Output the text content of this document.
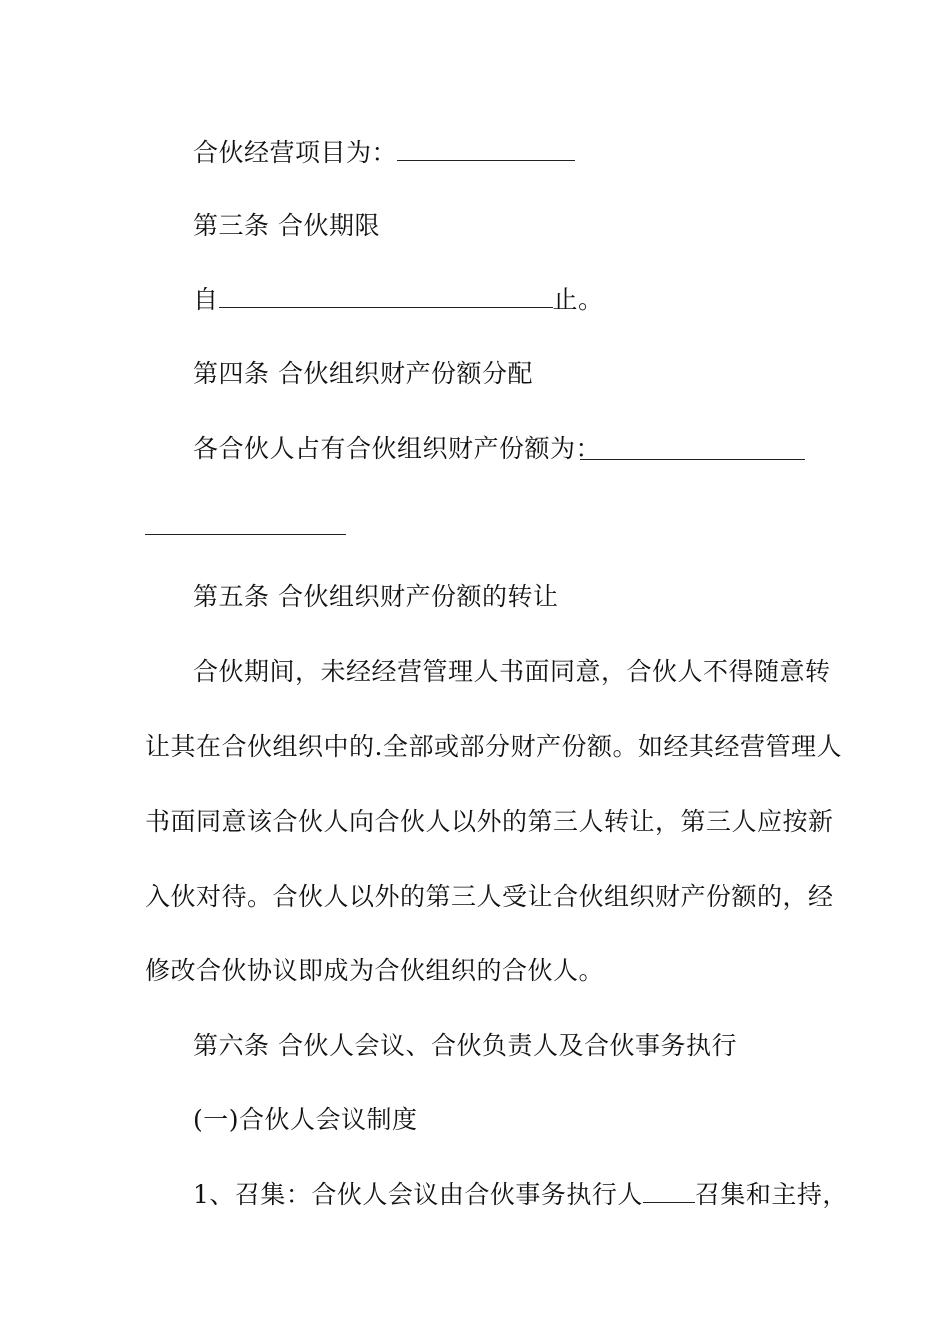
合伙经营项目为：
第三条 合伙期限
自	止。
第四条 合伙组织财产份额分配
各合伙人占有合伙组织财产份额为：
第五条 合伙组织财产份额的转让
合伙期间，未经经营管理人书面同意，合伙人不得随意转
让其在合伙组织中的.全部或部分财产份额。如经其经营管理人
书面同意该合伙人向合伙人以外的第三人转让，第三人应按新
入伙对待。合伙人以外的第三人受让合伙组织财产份额的，经
修改合伙协议即成为合伙组织的合伙人。
第六条 合伙人会议、合伙负责人及合伙事务执行
(一)合伙人会议制度
1、召集：合伙人会议由合伙事务执行人 召集和主持，
